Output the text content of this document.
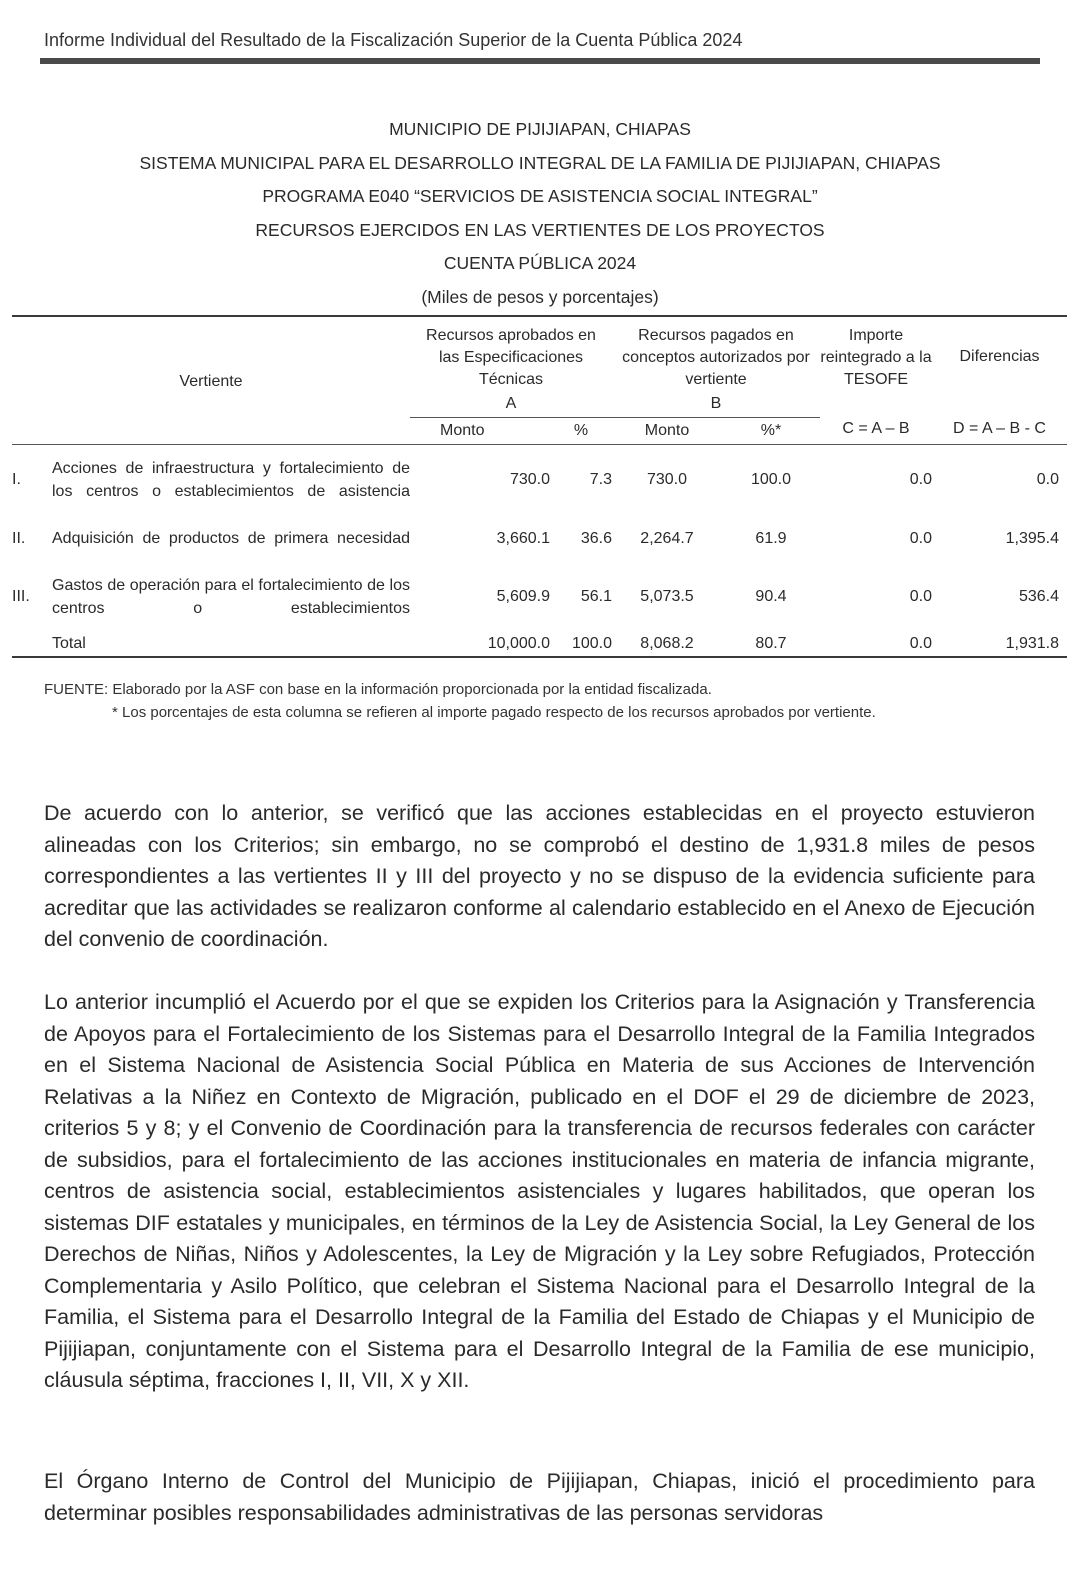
Informe Individual del Resultado de la Fiscalización Superior de la Cuenta Pública 2024
MUNICIPIO DE PIJIJIAPAN, CHIAPAS
SISTEMA MUNICIPAL PARA EL DESARROLLO INTEGRAL DE LA FAMILIA DE PIJIJIAPAN, CHIAPAS
PROGRAMA E040 “SERVICIOS DE ASISTENCIA SOCIAL INTEGRAL”
RECURSOS EJERCIDOS EN LAS VERTIENTES DE LOS PROYECTOS
CUENTA PÚBLICA 2024
(Miles de pesos y porcentajes)
Vertiente		Recursos aprobados en las Especificaciones Técnicas		Recursos pagados en conceptos autorizados por vertiente		Importe reintegrado a la TESOFE	Diferencias
		A		B			
		Monto	%	Monto	%*	C = A – B	D = A – B - C
I.	Acciones de infraestructura y fortalecimiento de los centros o establecimientos de asistencia	730.0	7.3	730.0	100.0	0.0	0.0
II.	Adquisición de productos de primera necesidad	3,660.1	36.6	2,264.7	61.9	0.0	1,395.4
III.	Gastos de operación para el fortalecimiento de los centros o establecimientos	5,609.9	56.1	5,073.5	90.4	0.0	536.4
	Total	10,000.0	100.0	8,068.2	80.7	0.0	1,931.8
FUENTE: Elaborado por la ASF con base en la información proporcionada por la entidad fiscalizada.
* Los porcentajes de esta columna se refieren al importe pagado respecto de los recursos aprobados por vertiente.
De acuerdo con lo anterior, se verificó que las acciones establecidas en el proyecto estuvieron alineadas con los Criterios; sin embargo, no se comprobó el destino de 1,931.8 miles de pesos correspondientes a las vertientes II y III del proyecto y no se dispuso de la evidencia suficiente para acreditar que las actividades se realizaron conforme al calendario establecido en el Anexo de Ejecución del convenio de coordinación.
Lo anterior incumplió el Acuerdo por el que se expiden los Criterios para la Asignación y Transferencia de Apoyos para el Fortalecimiento de los Sistemas para el Desarrollo Integral de la Familia Integrados en el Sistema Nacional de Asistencia Social Pública en Materia de sus Acciones de Intervención Relativas a la Niñez en Contexto de Migración, publicado en el DOF el 29 de diciembre de 2023, criterios 5 y 8; y el Convenio de Coordinación para la transferencia de recursos federales con carácter de subsidios, para el fortalecimiento de las acciones institucionales en materia de infancia migrante, centros de asistencia social, establecimientos asistenciales y lugares habilitados, que operan los sistemas DIF estatales y municipales, en términos de la Ley de Asistencia Social, la Ley General de los Derechos de Niñas, Niños y Adolescentes, la Ley de Migración y la Ley sobre Refugiados, Protección Complementaria y Asilo Político, que celebran el Sistema Nacional para el Desarrollo Integral de la Familia, el Sistema para el Desarrollo Integral de la Familia del Estado de Chiapas y el Municipio de Pijijiapan, conjuntamente con el Sistema para el Desarrollo Integral de la Familia de ese municipio, cláusula séptima, fracciones I, II, VII, X y XII.
El Órgano Interno de Control del Municipio de Pijijiapan, Chiapas, inició el procedimiento para determinar posibles responsabilidades administrativas de las personas servidoras
